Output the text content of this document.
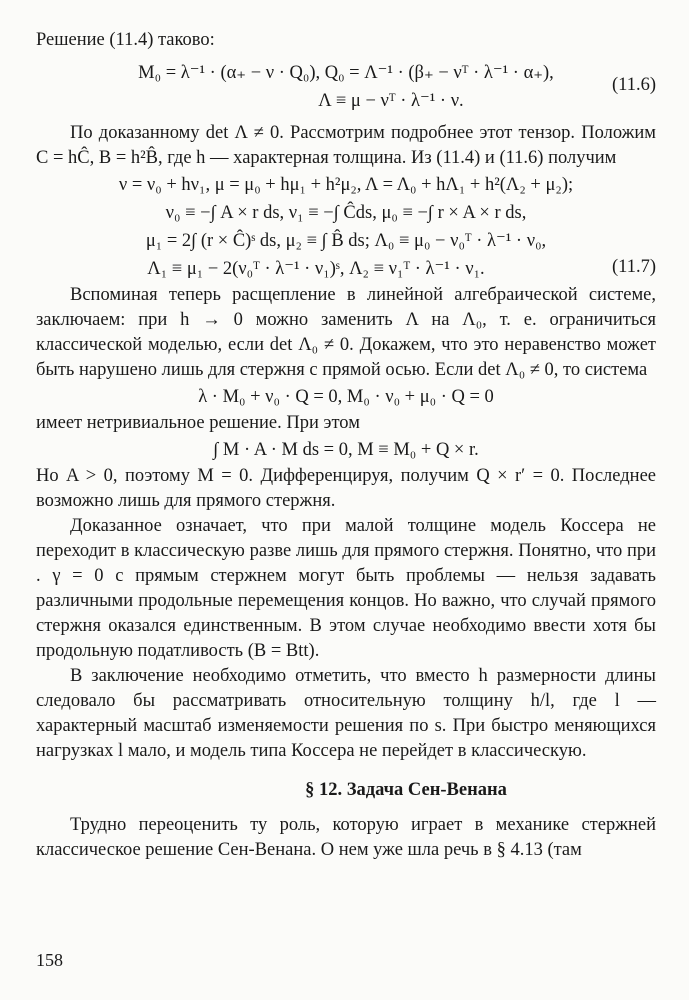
Решение (11.4) таково:

M₀ = λ⁻¹ · (α₊ − ν · Q₀), Q₀ = Λ⁻¹ · (β₊ − νᵀ · λ⁻¹ · α₊),

Λ ≡ μ − νᵀ · λ⁻¹ · ν.

(11.6)

По доказанному det Λ ≠ 0. Рассмотрим подробнее этот тензор. Положим C = hĈ, B = h²B̂, где h — характерная толщина. Из (11.4) и (11.6) получим

ν = ν₀ + hν₁, μ = μ₀ + hμ₁ + h²μ₂, Λ = Λ₀ + hΛ₁ + h²(Λ₂ + μ₂);

ν₀ ≡ −∫ A × r ds, ν₁ ≡ −∫ Ĉds, μ₀ ≡ −∫ r × A × r ds,

μ₁ = 2∫ (r × Ĉ)ˢ ds, μ₂ ≡ ∫ B̂ ds; Λ₀ ≡ μ₀ − ν₀ᵀ · λ⁻¹ · ν₀,

Λ₁ ≡ μ₁ − 2(ν₀ᵀ · λ⁻¹ · ν₁)ˢ, Λ₂ ≡ ν₁ᵀ · λ⁻¹ · ν₁.	(11.7)

Вспоминая теперь расщепление в линейной алгебраической системе, заключаем: при h → 0 можно заменить Λ на Λ₀, т. е. ограничиться классической моделью, если det Λ₀ ≠ 0. Докажем, что это неравенство может быть нарушено лишь для стержня с прямой осью. Если det Λ₀ ≠ 0, то система

λ · M₀ + ν₀ · Q = 0, M₀ · ν₀ + μ₀ · Q = 0

имеет нетривиальное решение. При этом

∫ M · A · M ds = 0, M ≡ M₀ + Q × r.

Но A > 0, поэтому M = 0. Дифференцируя, получим Q × r′ = 0. Последнее возможно лишь для прямого стержня.

Доказанное означает, что при малой толщине модель Коссера не переходит в классическую разве лишь для прямого стержня. Понятно, что при . γ = 0 с прямым стержнем могут быть проблемы — нельзя задавать различными продольные перемещения концов. Но важно, что случай прямого стержня оказался единственным. В этом случае необходимо ввести хотя бы продольную податливость (B = Btt).

В заключение необходимо отметить, что вместо h размерности длины следовало бы рассматривать относительную толщину h/l, где l — характерный масштаб изменяемости решения по s. При быстро меняющихся нагрузках l мало, и модель типа Коссера не перейдет в классическую.

§ 12. Задача Сен-Венана

Трудно переоценить ту роль, которую играет в механике стержней классическое решение Сен-Венана. О нем уже шла речь в § 4.13 (там

158
